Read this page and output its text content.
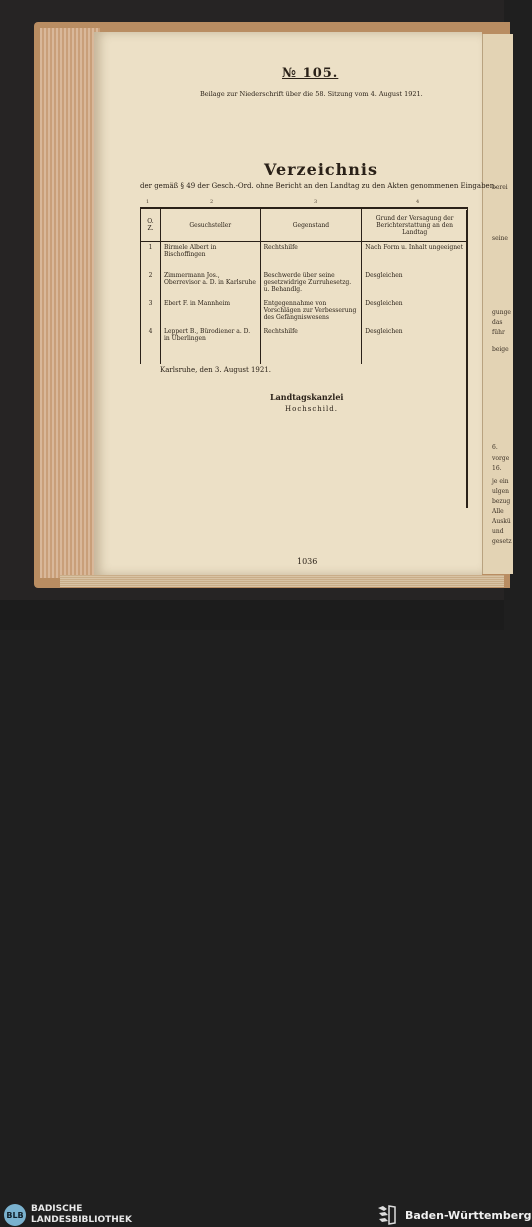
berei
seine
gunge
das
führ
beige
6.
vorge
16.
je ein
ulgen
bezug
Alle
Auskü
und
gesetz
№ 105.
Beilage zur Niederschrift über die 58. Sitzung vom 4. August 1921.
Verzeichnis
der gemäß § 49 der Gesch.-Ord. ohne Bericht an den Landtag zu den Akten genommenen Eingaben.
1	2	3	4
O. Z.	Gesuchsteller	Gegenstand	Grund der Versagung der Berichterstattung an den Landtag
1	Birmele Albert in Bischoffingen	Rechtshilfe	Nach Form u. Inhalt ungeeignet
2	Zimmermann Jos., Oberrevisor a. D. in Karlsruhe	Beschwerde über seine gesetzwidrige Zurruhesetzg. u. Behandlg.	Desgleichen
3	Ebert F. in Mannheim	Entgegennahme von Vorschlägen zur Verbesserung des Gefängniswesens	Desgleichen
4	Leppert B., Bürodiener a. D. in Überlingen	Rechtshilfe	Desgleichen
Karlsruhe, den 3. August 1921.
Landtagskanzlei
Hochschild.
1036
BLB
BADISCHE
LANDESBIBLIOTHEK	Baden-Württemberg
